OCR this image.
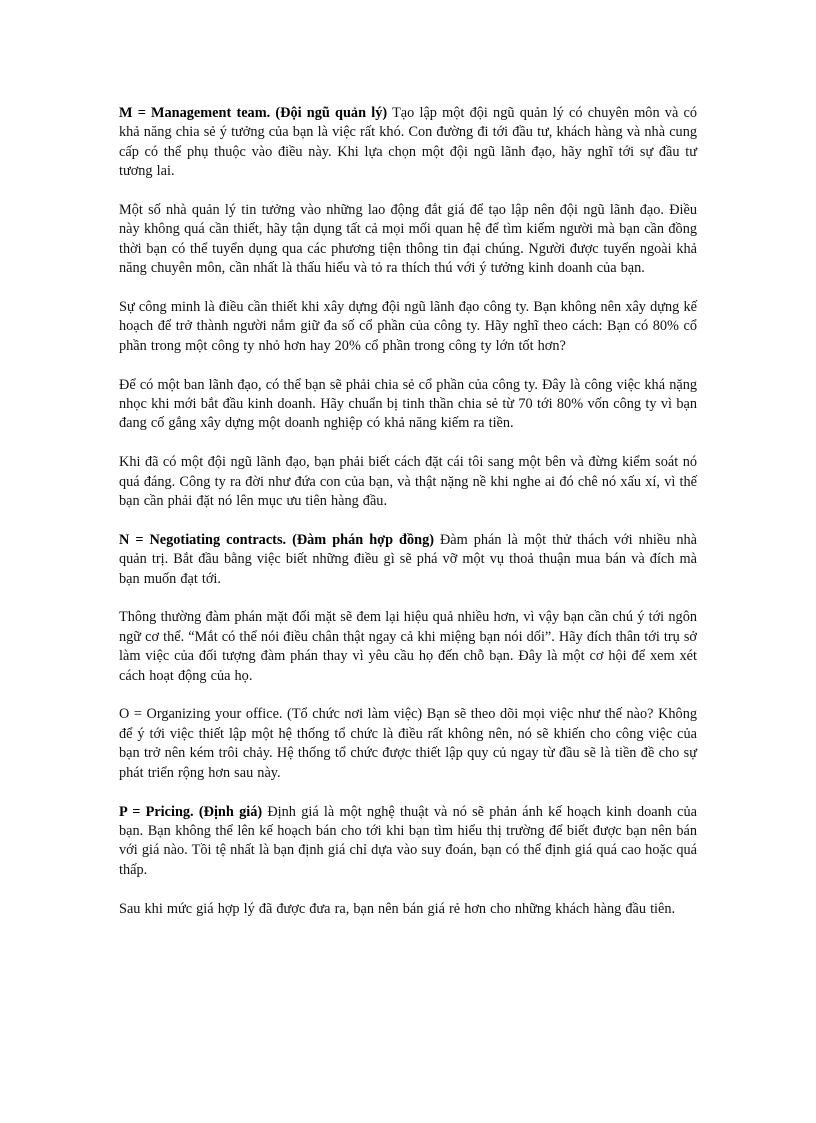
M = Management team. (Đội ngũ quản lý) Tạo lập một đội ngũ quản lý có chuyên môn và có khả năng chia sẻ ý tưởng của bạn là việc rất khó. Con đường đi tới đầu tư, khách hàng và nhà cung cấp có thể phụ thuộc vào điều này. Khi lựa chọn một đội ngũ lãnh đạo, hãy nghĩ tới sự đầu tư tương lai.

Một số nhà quản lý tin tưởng vào những lao động đắt giá để tạo lập nên đội ngũ lãnh đạo. Điều này không quá cần thiết, hãy tận dụng tất cả mọi mối quan hệ để tìm kiếm người mà bạn cần đồng thời bạn có thể tuyển dụng qua các phương tiện thông tin đại chúng. Người được tuyển ngoài khả năng chuyên môn, cần nhất là thấu hiểu và tỏ ra thích thú với ý tưởng kinh doanh của bạn.

Sự công minh là điều cần thiết khi xây dựng đội ngũ lãnh đạo công ty. Bạn không nên xây dựng kế hoạch để trở thành người nắm giữ đa số cổ phần của công ty. Hãy nghĩ theo cách: Bạn có 80% cổ phần trong một công ty nhỏ hơn hay 20% cổ phần trong công ty lớn tốt hơn?

Để có một ban lãnh đạo, có thể bạn sẽ phải chia sẻ cổ phần của công ty. Đây là công việc khá nặng nhọc khi mới bắt đầu kinh doanh. Hãy chuẩn bị tinh thần chia sẻ từ 70 tới 80% vốn công ty vì bạn đang cố gắng xây dựng một doanh nghiệp có khả năng kiếm ra tiền.

Khi đã có một đội ngũ lãnh đạo, bạn phải biết cách đặt cái tôi sang một bên và đừng kiểm soát nó quá đáng. Công ty ra đời như đứa con của bạn, và thật nặng nề khi nghe ai đó chê nó xấu xí, vì thế bạn cần phải đặt nó lên mục ưu tiên hàng đầu.

N = Negotiating contracts. (Đàm phán hợp đồng) Đàm phán là một thử thách với nhiều nhà quản trị. Bắt đầu bằng việc biết những điều gì sẽ phá vỡ một vụ thoả thuận mua bán và đích mà bạn muốn đạt tới.

Thông thường đàm phán mặt đối mặt sẽ đem lại hiệu quả nhiều hơn, vì vậy bạn cần chú ý tới ngôn ngữ cơ thể. “Mắt có thể nói điều chân thật ngay cả khi miệng bạn nói dối”. Hãy đích thân tới trụ sở làm việc của đối tượng đàm phán thay vì yêu cầu họ đến chỗ bạn. Đây là một cơ hội để xem xét cách hoạt động của họ.

O = Organizing your office. (Tổ chức nơi làm việc) Bạn sẽ theo dõi mọi việc như thế nào? Không để ý tới việc thiết lập một hệ thống tổ chức là điều rất không nên, nó sẽ khiến cho công việc của bạn trở nên kém trôi chảy. Hệ thống tổ chức được thiết lập quy củ ngay từ đầu sẽ là tiền đề cho sự phát triển rộng hơn sau này.

P = Pricing. (Định giá) Định giá là một nghệ thuật và nó sẽ phản ánh kế hoạch kinh doanh của bạn. Bạn không thể lên kế hoạch bán cho tới khi bạn tìm hiểu thị trường để biết được bạn nên bán với giá nào. Tồi tệ nhất là bạn định giá chỉ dựa vào suy đoán, bạn có thể định giá quá cao hoặc quá thấp.

Sau khi mức giá hợp lý đã được đưa ra, bạn nên bán giá rẻ hơn cho những khách hàng đầu tiên.
